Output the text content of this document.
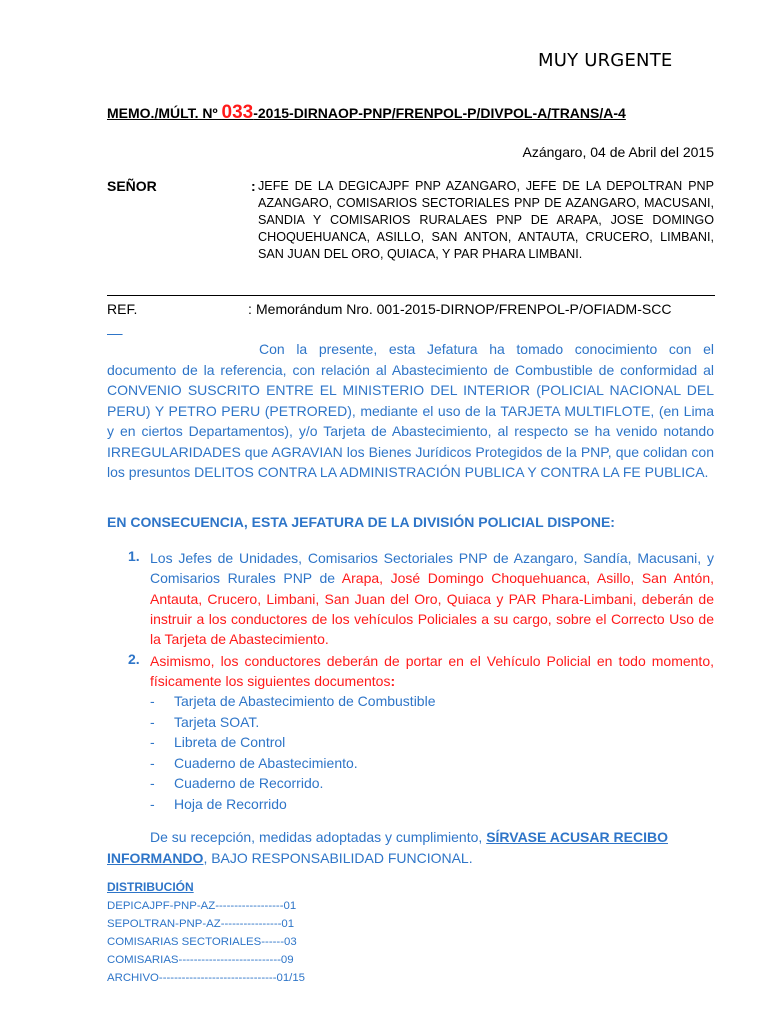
MUY URGENTE
MEMO./MÚLT. Nº 033-2015-DIRNAOP-PNP/FRENPOL-P/DIVPOL-A/TRANS/A-4
Azángaro, 04 de Abril del 2015
SEÑOR	: JEFE DE LA DEGICAJPF PNP AZANGARO, JEFE DE LA DEPOLTRAN PNP AZANGARO, COMISARIOS SECTORIALES PNP DE AZANGARO, MACUSANI, SANDIA Y COMISARIOS RURALAES PNP DE ARAPA, JOSE DOMINGO CHOQUEHUANCA, ASILLO, SAN ANTON, ANTAUTA, CRUCERO, LIMBANI, SAN JUAN DEL ORO, QUIACA, Y PAR PHARA LIMBANI.
REF.	: Memorándum Nro. 001-2015-DIRNOP/FRENPOL-P/OFIADM-SCC

Con la presente, esta Jefatura ha tomado conocimiento con el documento de la referencia, con relación al Abastecimiento de Combustible de conformidad al CONVENIO SUSCRITO ENTRE EL MINISTERIO DEL INTERIOR (POLICIAL NACIONAL DEL PERU) Y PETRO PERU (PETRORED), mediante el uso de la TARJETA MULTIFLOTE, (en Lima y en ciertos Departamentos), y/o Tarjeta de Abastecimiento, al respecto se ha venido notando IRREGULARIDADES que AGRAVIAN los Bienes Jurídicos Protegidos de la PNP, que colidan con los presuntos DELITOS CONTRA LA ADMINISTRACIÓN PUBLICA Y CONTRA LA FE PUBLICA.
EN CONSECUENCIA, ESTA JEFATURA DE LA DIVISIÓN POLICIAL DISPONE:
1. Los Jefes de Unidades, Comisarios Sectoriales PNP de Azangaro, Sandía, Macusani, y Comisarios Rurales PNP de Arapa, José Domingo Choquehuanca, Asillo, San Antón, Antauta, Crucero, Limbani, San Juan del Oro, Quiaca y PAR Phara-Limbani, deberán de instruir a los conductores de los vehículos Policiales a su cargo, sobre el Correcto Uso de la Tarjeta de Abastecimiento.
2. Asimismo, los conductores deberán de portar en el Vehículo Policial en todo momento, físicamente los siguientes documentos:
- Tarjeta de Abastecimiento de Combustible
- Tarjeta SOAT.
- Libreta de Control
- Cuaderno de Abastecimiento.
- Cuaderno de Recorrido.
- Hoja de Recorrido
De su recepción, medidas adoptadas y cumplimiento, SÍRVASE ACUSAR RECIBO INFORMANDO, BAJO RESPONSABILIDAD FUNCIONAL.
DISTRIBUCIÓN
DEPICAJPF-PNP-AZ------------------01
SEPOLTRAN-PNP-AZ----------------01
COMISARIAS SECTORIALES------03
COMISARIAS---------------------------09
ARCHIVO-------------------------------01/15
